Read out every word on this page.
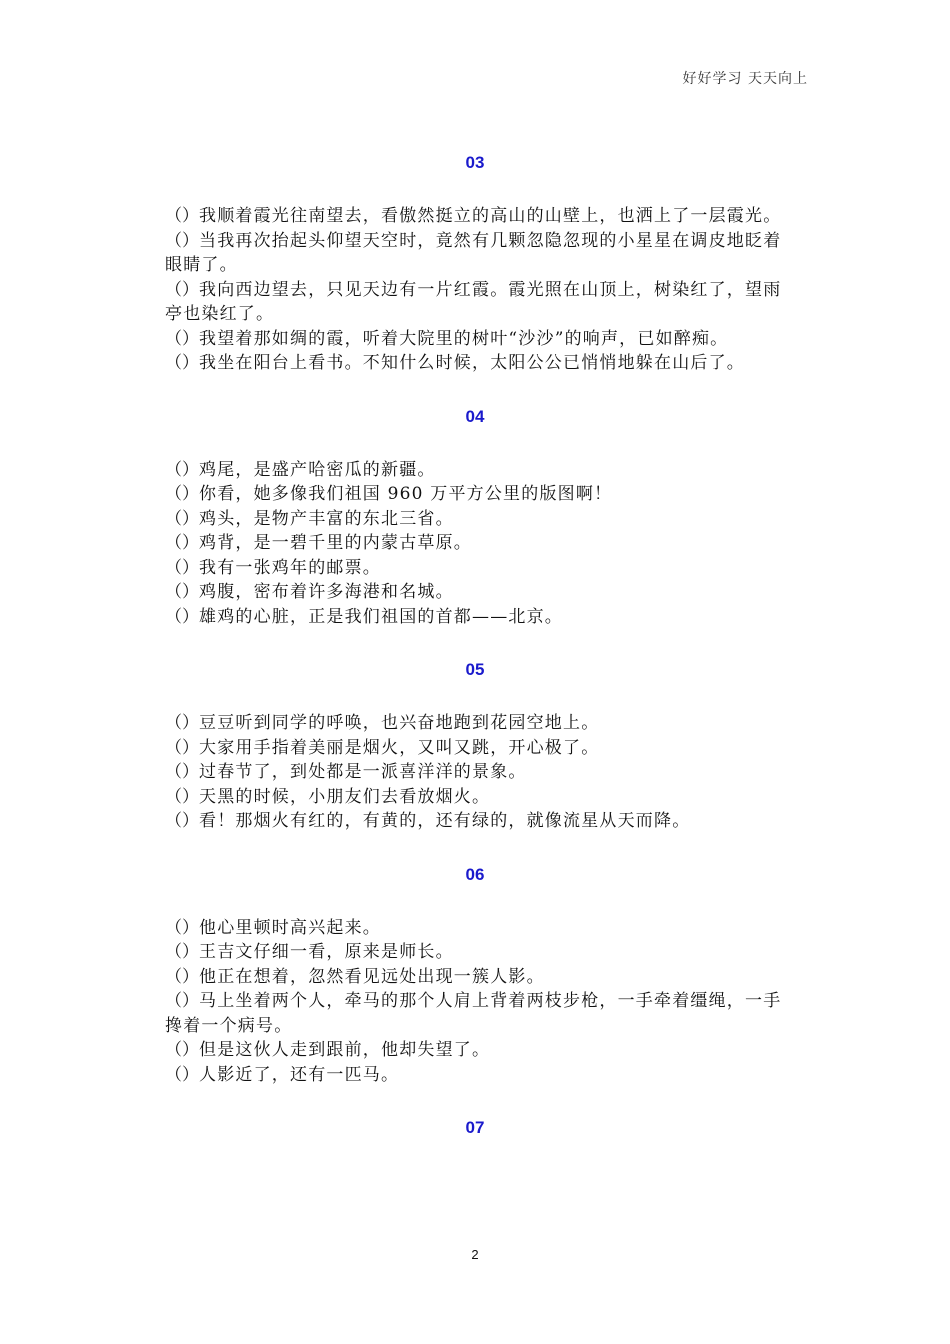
好好学习 天天向上
03
（）我顺着霞光往南望去，看傲然挺立的高山的山壁上，也洒上了一层霞光。
（）当我再次抬起头仰望天空时，竟然有几颗忽隐忽现的小星星在调皮地眨着眼睛了。
（）我向西边望去，只见天边有一片红霞。霞光照在山顶上，树染红了，望雨亭也染红了。
（）我望着那如绸的霞，听着大院里的树叶“沙沙”的响声，已如醉痴。
（）我坐在阳台上看书。不知什么时候，太阳公公已悄悄地躲在山后了。
04
（）鸡尾，是盛产哈密瓜的新疆。
（）你看，她多像我们祖国 960 万平方公里的版图啊！
（）鸡头，是物产丰富的东北三省。
（）鸡背，是一碧千里的内蒙古草原。
（）我有一张鸡年的邮票。
（）鸡腹，密布着许多海港和名城。
（）雄鸡的心脏，正是我们祖国的首都——北京。
05
（）豆豆听到同学的呼唤，也兴奋地跑到花园空地上。
（）大家用手指着美丽是烟火，又叫又跳，开心极了。
（）过春节了，到处都是一派喜洋洋的景象。
（）天黑的时候，小朋友们去看放烟火。
（）看！那烟火有红的，有黄的，还有绿的，就像流星从天而降。
06
（）他心里顿时高兴起来。
（）王吉文仔细一看，原来是师长。
（）他正在想着，忽然看见远处出现一簇人影。
（）马上坐着两个人，牵马的那个人肩上背着两枝步枪，一手牵着缰绳，一手搀着一个病号。
（）但是这伙人走到跟前，他却失望了。
（）人影近了，还有一匹马。
07
2
